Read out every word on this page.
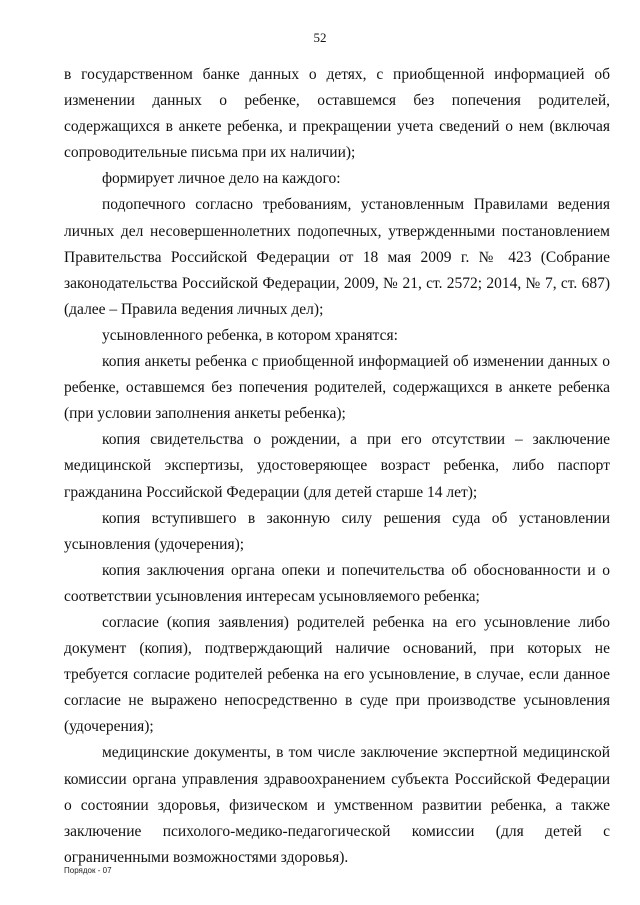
52

в государственном банке данных о детях, с приобщенной информацией об изменении данных о ребенке, оставшемся без попечения родителей, содержащихся в анкете ребенка, и прекращении учета сведений о нем (включая сопроводительные письма при их наличии);

формирует личное дело на каждого:

подопечного согласно требованиям, установленным Правилами ведения личных дел несовершеннолетних подопечных, утвержденными постановлением Правительства Российской Федерации от 18 мая 2009 г. № 423 (Собрание законодательства Российской Федерации, 2009, № 21, ст. 2572; 2014, № 7, ст. 687) (далее – Правила ведения личных дел);

усыновленного ребенка, в котором хранятся:

копия анкеты ребенка с приобщенной информацией об изменении данных о ребенке, оставшемся без попечения родителей, содержащихся в анкете ребенка (при условии заполнения анкеты ребенка);

копия свидетельства о рождении, а при его отсутствии – заключение медицинской экспертизы, удостоверяющее возраст ребенка, либо паспорт гражданина Российской Федерации (для детей старше 14 лет);

копия вступившего в законную силу решения суда об установлении усыновления (удочерения);

копия заключения органа опеки и попечительства об обоснованности и о соответствии усыновления интересам усыновляемого ребенка;

согласие (копия заявления) родителей ребенка на его усыновление либо документ (копия), подтверждающий наличие оснований, при которых не требуется согласие родителей ребенка на его усыновление, в случае, если данное согласие не выражено непосредственно в суде при производстве усыновления (удочерения);

медицинские документы, в том числе заключение экспертной медицинской комиссии органа управления здравоохранением субъекта Российской Федерации о состоянии здоровья, физическом и умственном развитии ребенка, а также заключение психолого-медико-педагогической комиссии (для детей с ограниченными возможностями здоровья).

Порядок - 07
